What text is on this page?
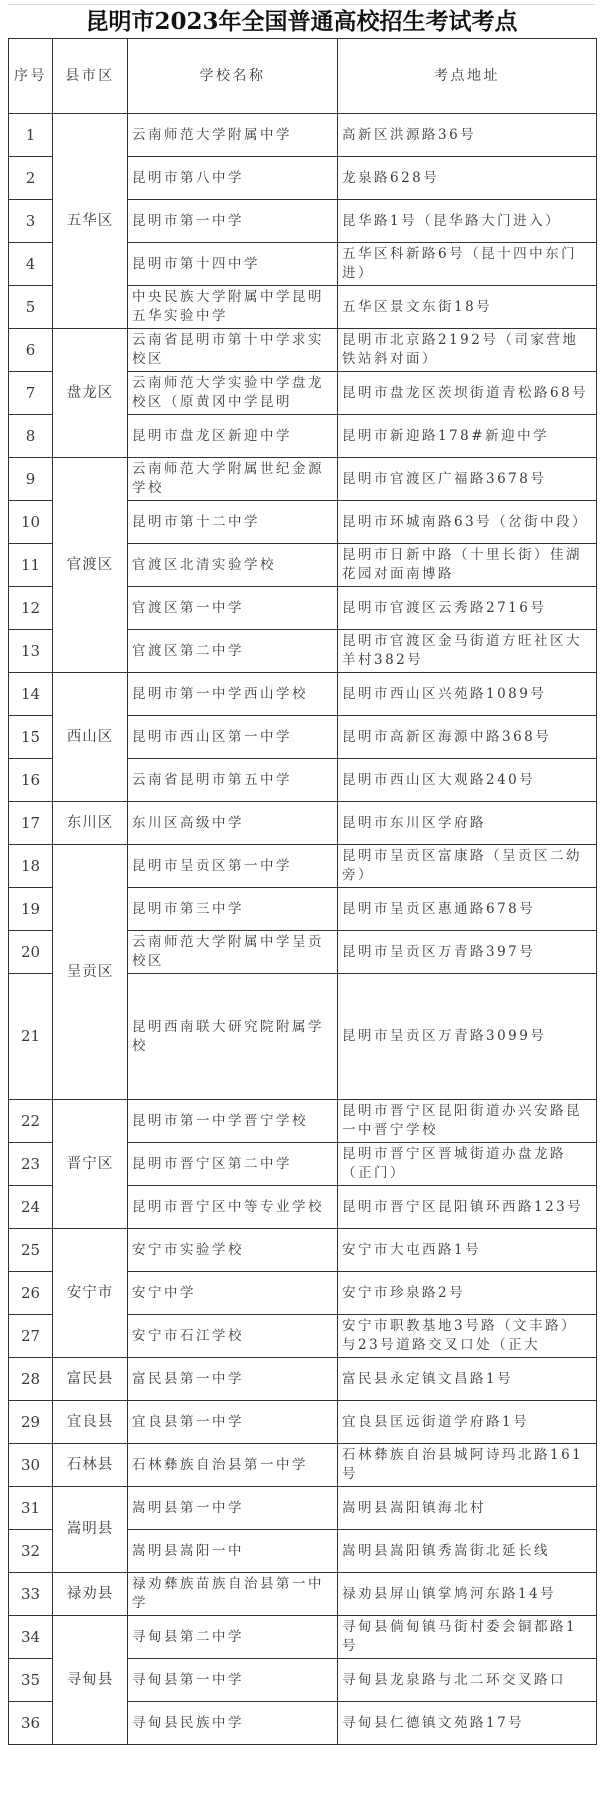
昆明市2023年全国普通高校招生考试考点
序号	县市区	学校名称	考点地址
1	五华区	云南师范大学附属中学	高新区洪源路36号
2		昆明市第八中学	龙泉路628号
3		昆明市第一中学	昆华路1号（昆华路大门进入）
4		昆明市第十四中学	五华区科新路6号（昆十四中东门进）
5		中央民族大学附属中学昆明五华实验中学	五华区景文东街18号
6	盘龙区	云南省昆明市第十中学求实校区	昆明市北京路2192号（司家营地铁站斜对面）
7		云南师范大学实验中学盘龙校区（原黄冈中学昆明	昆明市盘龙区茨坝街道青松路68号
8		昆明市盘龙区新迎中学	昆明市新迎路178#新迎中学
9	官渡区	云南师范大学附属世纪金源学校	昆明市官渡区广福路3678号
10		昆明市第十二中学	昆明市环城南路63号（岔街中段）
11		官渡区北清实验学校	昆明市日新中路（十里长街）佳湖花园对面南博路
12		官渡区第一中学	昆明市官渡区云秀路2716号
13		官渡区第二中学	昆明市官渡区金马街道方旺社区大羊村382号
14	西山区	昆明市第一中学西山学校	昆明市西山区兴苑路1089号
15		昆明市西山区第一中学	昆明市高新区海源中路368号
16		云南省昆明市第五中学	昆明市西山区大观路240号
17	东川区	东川区高级中学	昆明市东川区学府路
18	呈贡区	昆明市呈贡区第一中学	昆明市呈贡区富康路（呈贡区二幼旁）
19		昆明市第三中学	昆明市呈贡区惠通路678号
20		云南师范大学附属中学呈贡校区	昆明市呈贡区万青路397号
21		昆明西南联大研究院附属学校	昆明市呈贡区万青路3099号
22	晋宁区	昆明市第一中学晋宁学校	昆明市晋宁区昆阳街道办兴安路昆一中晋宁学校
23		昆明市晋宁区第二中学	昆明市晋宁区晋城街道办盘龙路（正门）
24		昆明市晋宁区中等专业学校	昆明市晋宁区昆阳镇环西路123号
25	安宁市	安宁市实验学校	安宁市大屯西路1号
26		安宁中学	安宁市珍泉路2号
27		安宁市石江学校	安宁市职教基地3号路（文丰路）与23号道路交叉口处（正大
28	富民县	富民县第一中学	富民县永定镇文昌路1号
29	宜良县	宜良县第一中学	宜良县匡远街道学府路1号
30	石林县	石林彝族自治县第一中学	石林彝族自治县城阿诗玛北路161号
31	嵩明县	嵩明县第一中学	嵩明县嵩阳镇海北村
32		嵩明县嵩阳一中	嵩明县嵩阳镇秀嵩街北延长线
33	禄劝县	禄劝彝族苗族自治县第一中学	禄劝县屏山镇掌鸠河东路14号
34	寻甸县	寻甸县第二中学	寻甸县倘甸镇马街村委会铜都路1号
35		寻甸县第一中学	寻甸县龙泉路与北二环交叉路口
36		寻甸县民族中学	寻甸县仁德镇文苑路17号
